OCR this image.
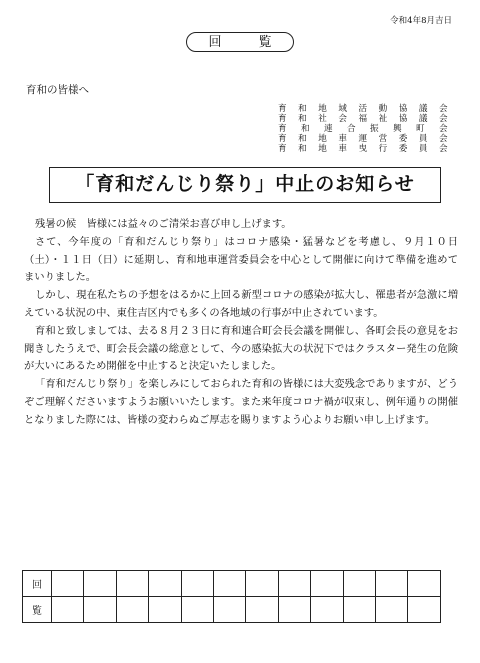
令和4年8月吉日
回　覧
育和の皆様へ
育和地域活動協議会
育和社会福祉協議会
育和連合振興町会
育和地車運営委員会
育和地車曳行委員会
「育和だんじり祭り」中止のお知らせ

残暑の候　皆様には益々のご清栄お喜び申し上げます。

さて、今年度の「育和だんじり祭り」はコロナ感染・猛暑などを考慮し、９月１０日（土）・１１日（日）に延期し、育和地車運営委員会を中心として開催に向けて準備を進めてまいりました。

しかし、現在私たちの予想をはるかに上回る新型コロナの感染が拡大し、罹患者が急激に増えている状況の中、東住吉区内でも多くの各地域の行事が中止されています。

育和と致しましては、去る８月２３日に育和連合町会長会議を開催し、各町会長の意見をお聞きしたうえで、町会長会議の総意として、今の感染拡大の状況下ではクラスター発生の危険が大いにあるため開催を中止すると決定いたしました。

「育和だんじり祭り」を楽しみにしておられた育和の皆様には大変残念でありますが、どうぞご理解くださいますようお願いいたします。また来年度コロナ禍が収束し、例年通りの開催となりました際には、皆様の変わらぬご厚志を賜りますよう心よりお願い申し上げます。

回												
覧												
